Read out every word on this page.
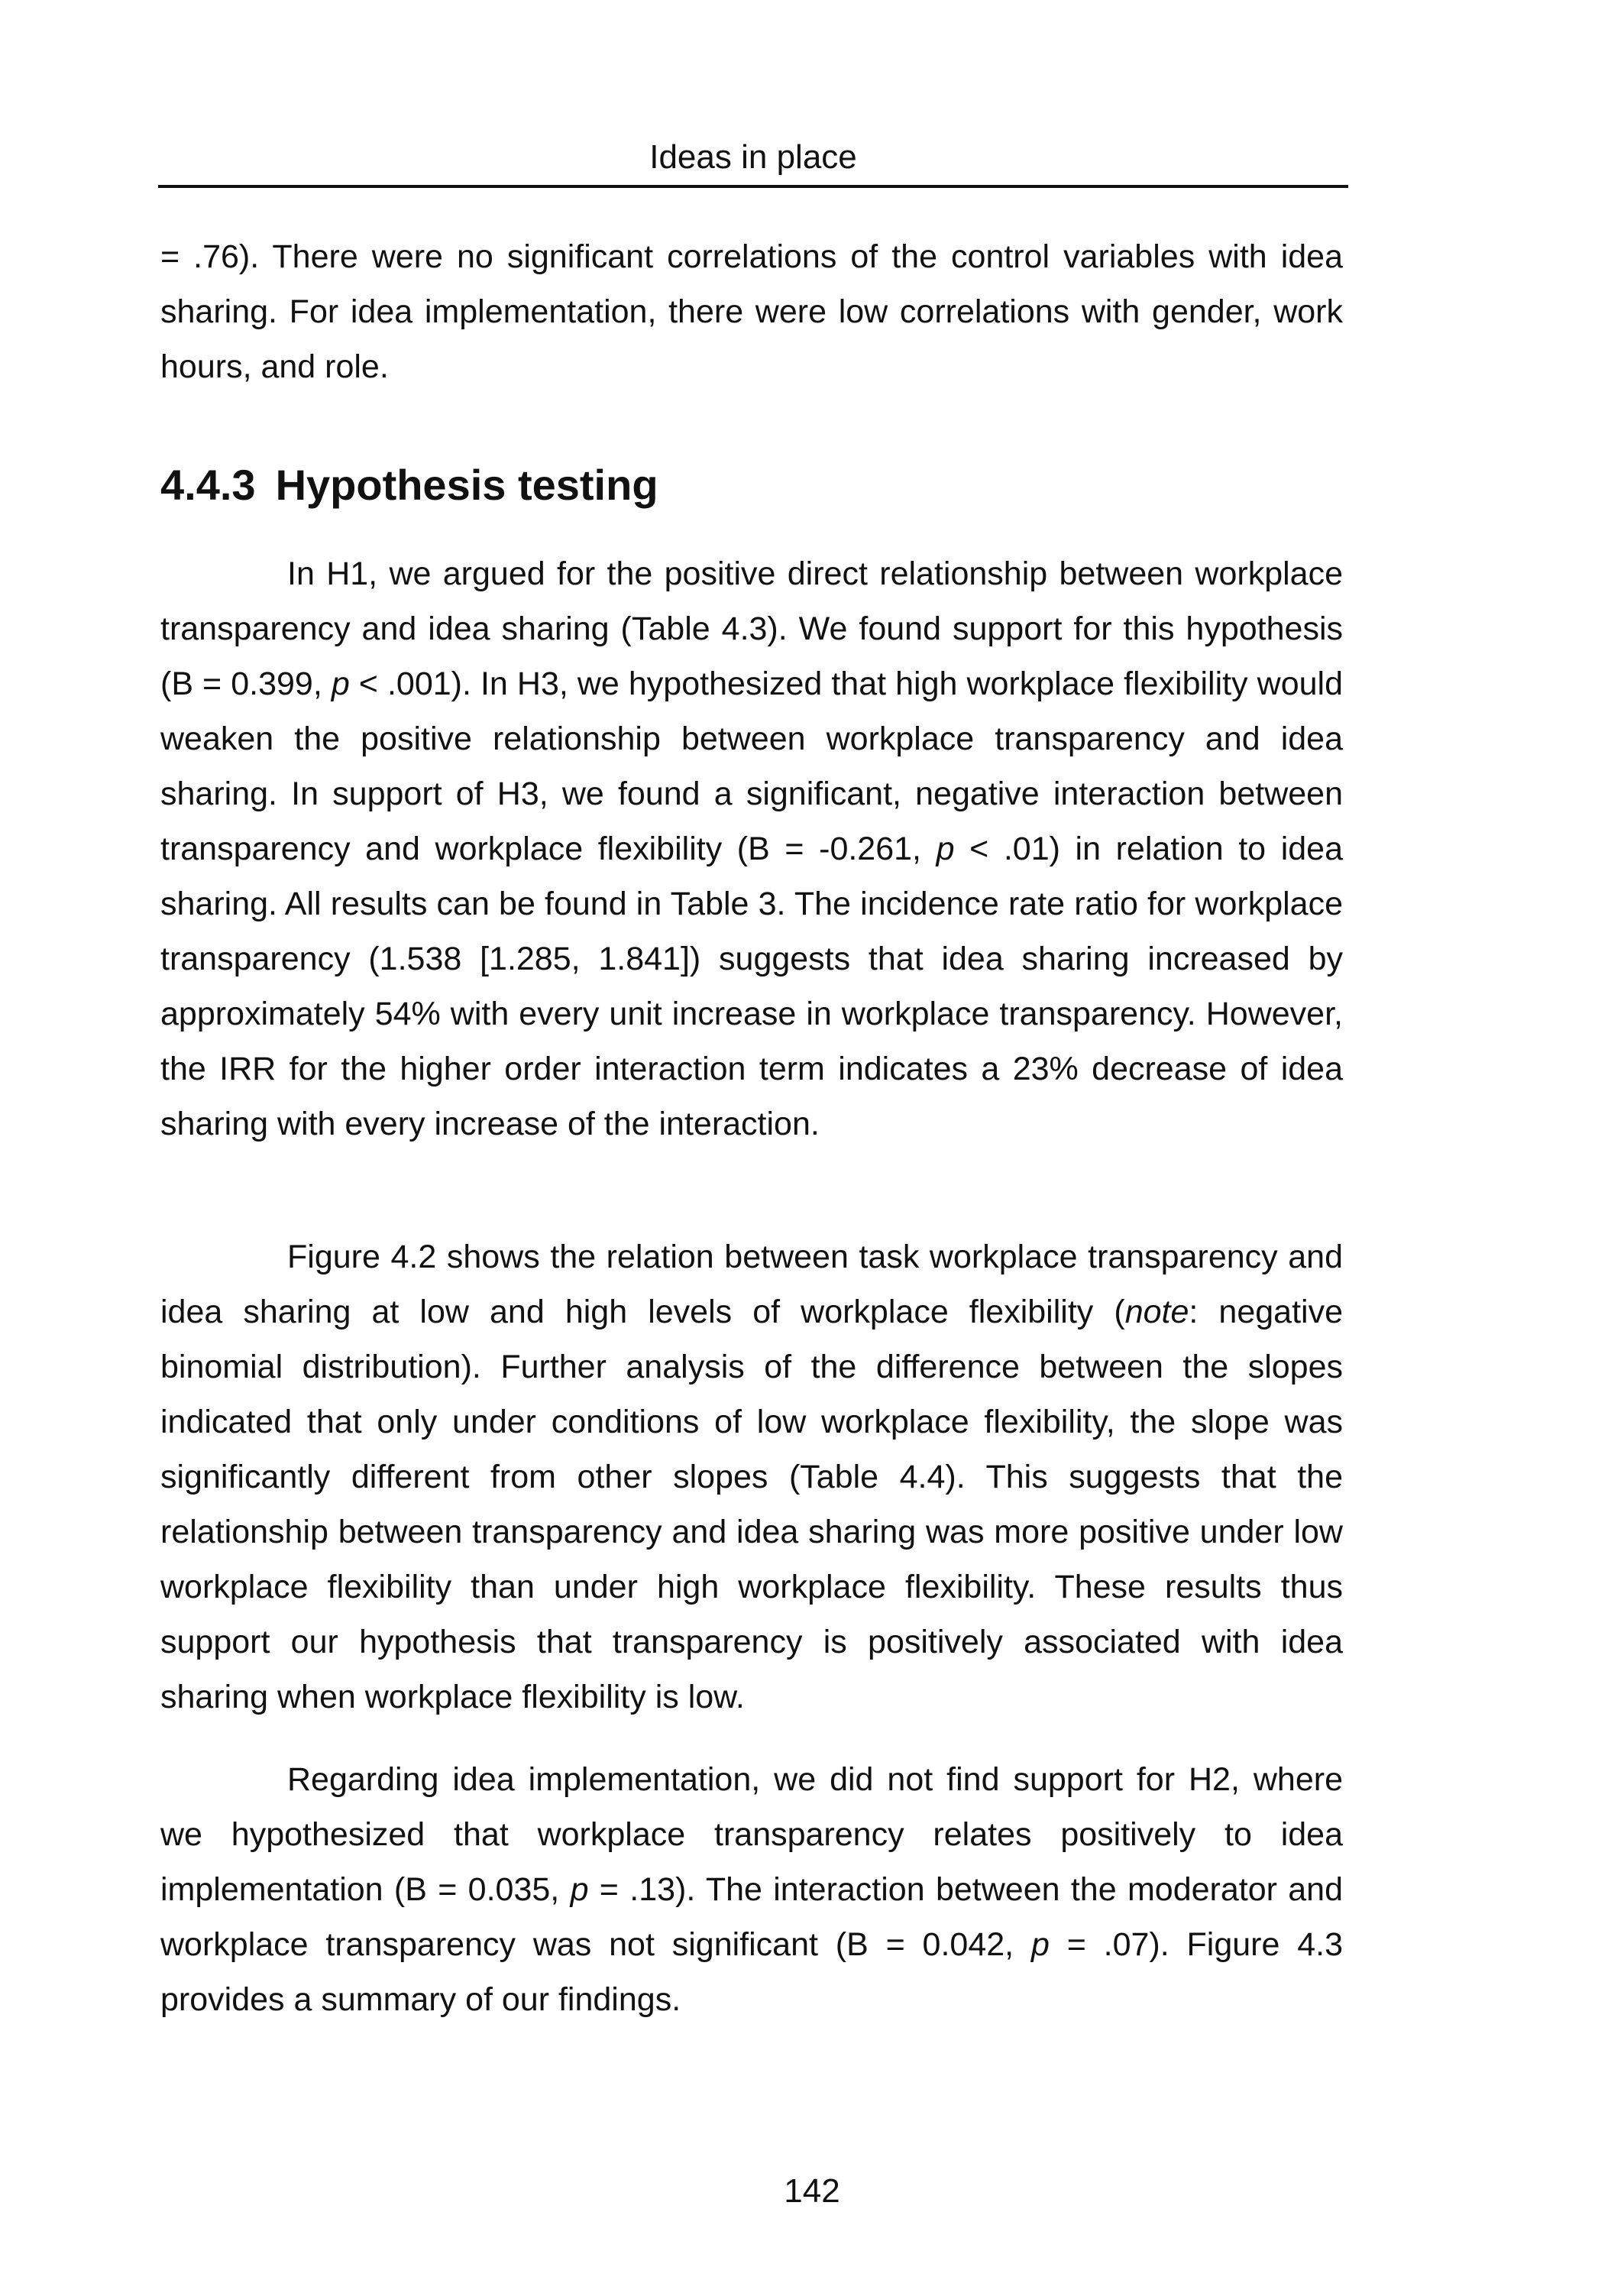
Ideas in place

= .76). There were no significant correlations of the control variables with idea sharing. For idea implementation, there were low correlations with gender, work hours, and role.

4.4.3 Hypothesis testing

In H1, we argued for the positive direct relationship between workplace transparency and idea sharing (Table 4.3). We found support for this hypothesis (B = 0.399, p < .001). In H3, we hypothesized that high workplace flexibility would weaken the positive relationship between workplace transparency and idea sharing. In support of H3, we found a significant, negative interaction between transparency and workplace flexibility (B = -0.261, p < .01) in relation to idea sharing. All results can be found in Table 3. The incidence rate ratio for workplace transparency (1.538 [1.285, 1.841]) suggests that idea sharing increased by approximately 54% with every unit increase in workplace transparency. However, the IRR for the higher order interaction term indicates a 23% decrease of idea sharing with every increase of the interaction.

Figure 4.2 shows the relation between task workplace transparency and idea sharing at low and high levels of workplace flexibility (note: negative binomial distribution). Further analysis of the difference between the slopes indicated that only under conditions of low workplace flexibility, the slope was significantly different from other slopes (Table 4.4). This suggests that the relationship between transparency and idea sharing was more positive under low workplace flexibility than under high workplace flexibility. These results thus support our hypothesis that transparency is positively associated with idea sharing when workplace flexibility is low.

Regarding idea implementation, we did not find support for H2, where we hypothesized that workplace transparency relates positively to idea implementation (B = 0.035, p = .13). The interaction between the moderator and workplace transparency was not significant (B = 0.042, p = .07). Figure 4.3 provides a summary of our findings.

142
